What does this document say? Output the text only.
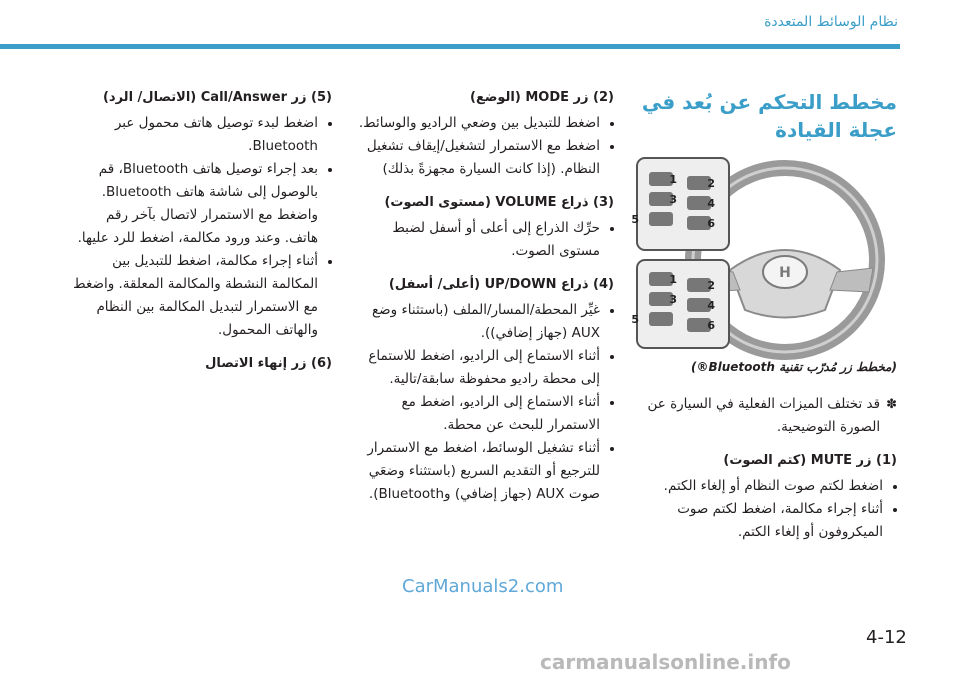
نظام الوسائط المتعددة
مخطط التحكم عن بُعد في عجلة القيادة
H
1	2
3	4
5	6
1	2
3	4
5	6
(مخطط زر مُدرّب تقنية Bluetooth®)
✽
قد تختلف الميزات الفعلية في السيارة عن الصورة التوضيحية.
(1) زر MUTE (كتم الصوت)
• اضغط لكتم صوت النظام أو إلغاء الكتم.
• أثناء إجراء مكالمة، اضغط لكتم صوت الميكروفون أو إلغاء الكتم.
(2) زر MODE (الوضع)
• اضغط للتبديل بين وضعي الراديو والوسائط.
• اضغط مع الاستمرار لتشغيل/إيقاف تشغيل النظام. (إذا كانت السيارة مجهزةً بذلك)
(3) ذراع VOLUME (مستوى الصوت)
• حرِّك الذراع إلى أعلى أو أسفل لضبط مستوى الصوت.
(4) ذراع UP/DOWN (أعلى/ أسفل)
• غيِّر المحطة/المسار/الملف (باستثناء وضع AUX (جهاز إضافي)).
• أثناء الاستماع إلى الراديو، اضغط للاستماع إلى محطة راديو محفوظة سابقة/تالية.
• أثناء الاستماع إلى الراديو، اضغط مع الاستمرار للبحث عن محطة.
• أثناء تشغيل الوسائط، اضغط مع الاستمرار للترجيع أو التقديم السريع (باستثناء وضعَي صوت AUX (جهاز إضافي) وBluetooth).
(5) زر Call/Answer (الاتصال/ الرد)
• اضغط لبدء توصيل هاتف محمول عبر Bluetooth.
• بعد إجراء توصيل هاتف Bluetooth، قم بالوصول إلى شاشة هاتف Bluetooth. واضغط مع الاستمرار لاتصال بآخر رقم هاتف. وعند ورود مكالمة، اضغط للرد عليها.
• أثناء إجراء مكالمة، اضغط للتبديل بين المكالمة النشطة والمكالمة المعلقة. واضغط مع الاستمرار لتبديل المكالمة بين النظام والهاتف المحمول.
(6) زر إنهاء الاتصال
CarManuals2.com
4-12
carmanualsonline.info
